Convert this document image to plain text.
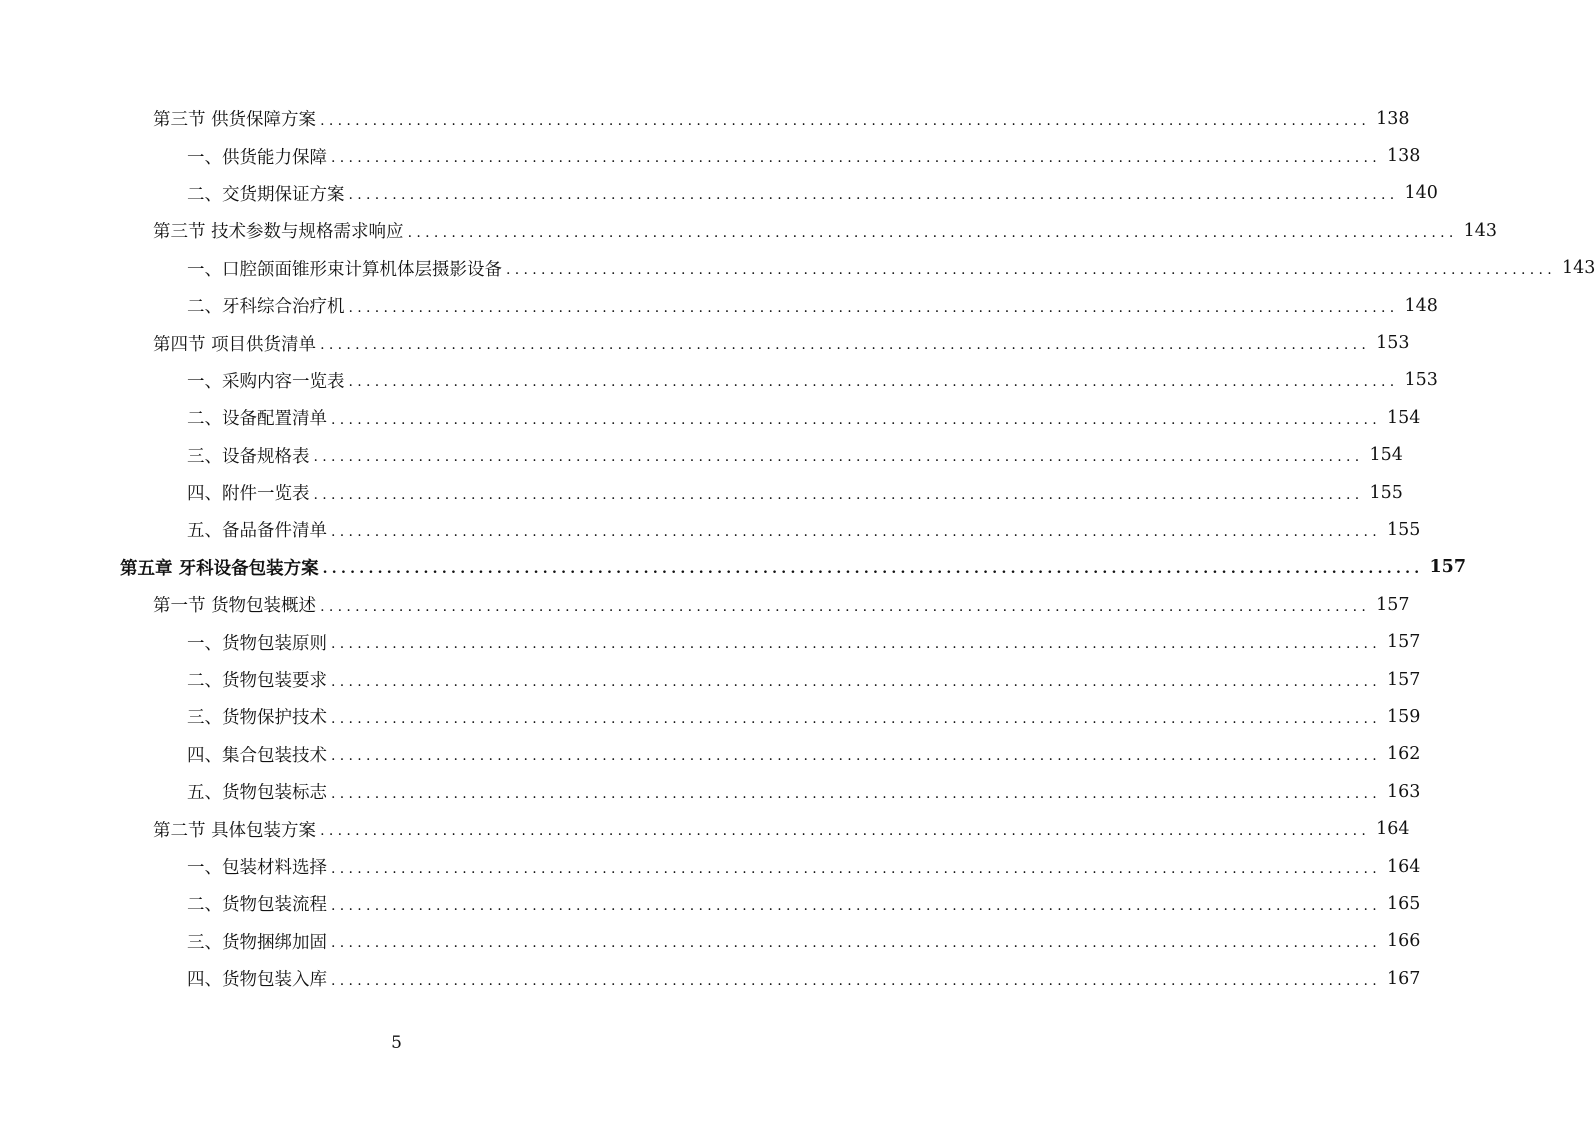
第三节 供货保障方案 ........................................................................................................................ 138
一、供货能力保障 ........................................................................................................................ 138
二、交货期保证方案 ........................................................................................................................ 140
第三节 技术参数与规格需求响应 ........................................................................................................................ 143
一、口腔颌面锥形束计算机体层摄影设备 ........................................................................................................................ 143
二、牙科综合治疗机 ........................................................................................................................ 148
第四节 项目供货清单 ........................................................................................................................ 153
一、采购内容一览表 ........................................................................................................................ 153
二、设备配置清单 ........................................................................................................................ 154
三、设备规格表 ........................................................................................................................ 154
四、附件一览表 ........................................................................................................................ 155
五、备品备件清单 ........................................................................................................................ 155
第五章 牙科设备包装方案 ........................................................................................................................ 157
第一节 货物包装概述 ........................................................................................................................ 157
一、货物包装原则 ........................................................................................................................ 157
二、货物包装要求 ........................................................................................................................ 157
三、货物保护技术 ........................................................................................................................ 159
四、集合包装技术 ........................................................................................................................ 162
五、货物包装标志 ........................................................................................................................ 163
第二节 具体包装方案 ........................................................................................................................ 164
一、包装材料选择 ........................................................................................................................ 164
二、货物包装流程 ........................................................................................................................ 165
三、货物捆绑加固 ........................................................................................................................ 166
四、货物包装入库 ........................................................................................................................ 167
5
